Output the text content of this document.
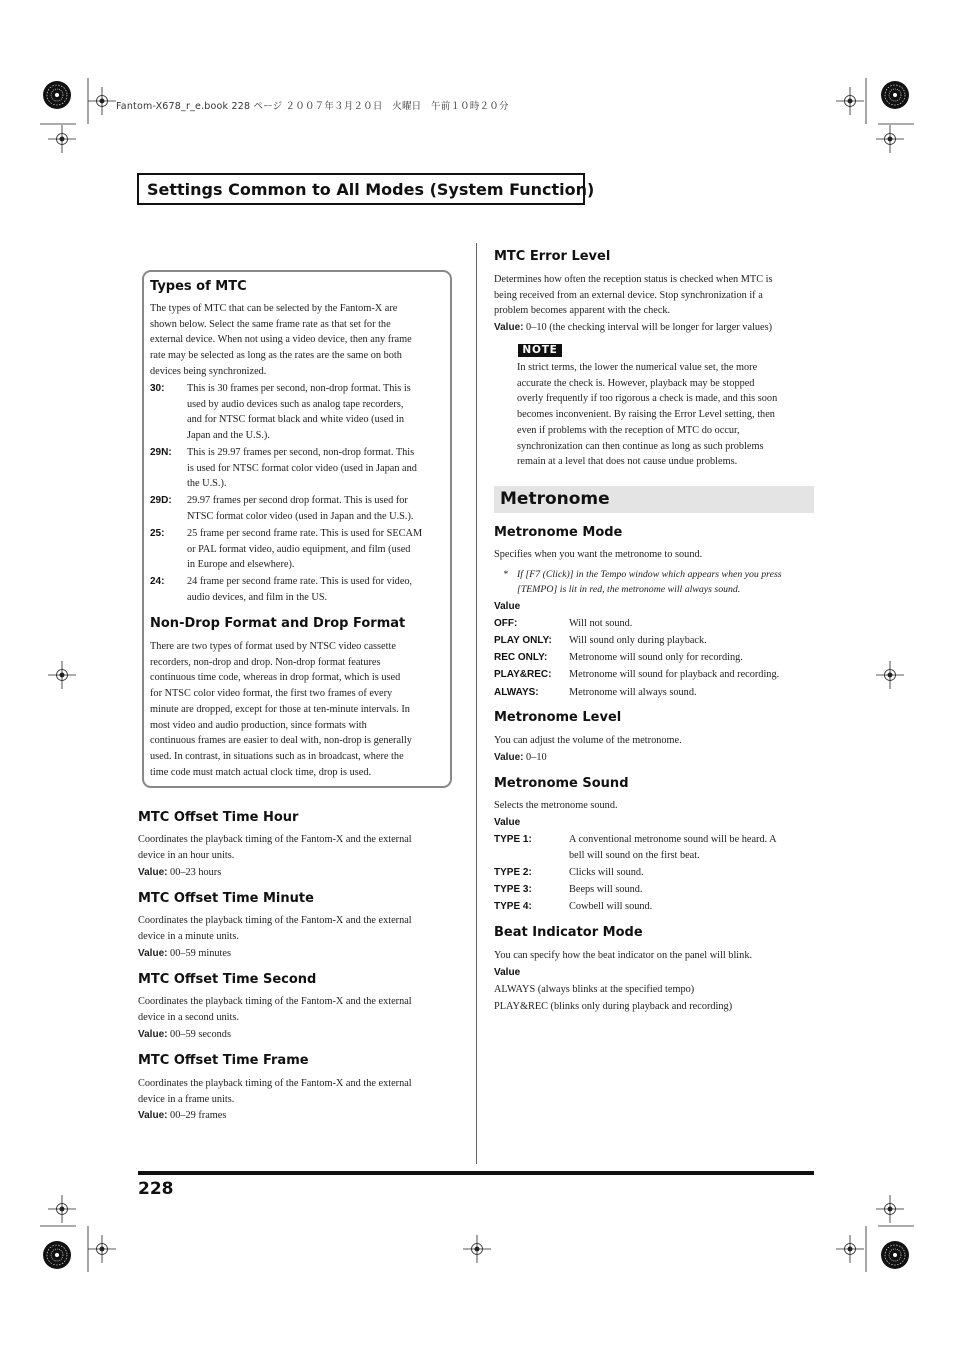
Fantom-X678_r_e.book 228 ページ ２００７年３月２０日　火曜日　午前１０時２０分
Settings Common to All Modes (System Function)
Types of MTC
The types of MTC that can be selected by the Fantom-X are
shown below. Select the same frame rate as that set for the
external device. When not using a video device, then any frame
rate may be selected as long as the rates are the same on both
devices being synchronized.
30: This is 30 frames per second, non-drop format. This is
used by audio devices such as analog tape recorders,
and for NTSC format black and white video (used in
Japan and the U.S.).
29N: This is 29.97 frames per second, non-drop format. This
is used for NTSC format color video (used in Japan and
the U.S.).
29D: 29.97 frames per second drop format. This is used for
NTSC format color video (used in Japan and the U.S.).
25: 25 frame per second frame rate. This is used for SECAM
or PAL format video, audio equipment, and film (used
in Europe and elsewhere).
24: 24 frame per second frame rate. This is used for video,
audio devices, and film in the US.
Non-Drop Format and Drop Format
There are two types of format used by NTSC video cassette
recorders, non-drop and drop. Non-drop format features
continuous time code, whereas in drop format, which is used
for NTSC color video format, the first two frames of every
minute are dropped, except for those at ten-minute intervals. In
most video and audio production, since formats with
continuous frames are easier to deal with, non-drop is generally
used. In contrast, in situations such as in broadcast, where the
time code must match actual clock time, drop is used.
MTC Offset Time Hour
Coordinates the playback timing of the Fantom-X and the external
device in an hour units.
Value: 00–23 hours
MTC Offset Time Minute
Coordinates the playback timing of the Fantom-X and the external
device in a minute units.
Value: 00–59 minutes
MTC Offset Time Second
Coordinates the playback timing of the Fantom-X and the external
device in a second units.
Value: 00–59 seconds
MTC Offset Time Frame
Coordinates the playback timing of the Fantom-X and the external
device in a frame units.
Value: 00–29 frames
MTC Error Level
Determines how often the reception status is checked when MTC is
being received from an external device. Stop synchronization if a
problem becomes apparent with the check.
Value: 0–10 (the checking interval will be longer for larger values)
NOTE
In strict terms, the lower the numerical value set, the more
accurate the check is. However, playback may be stopped
overly frequently if too rigorous a check is made, and this soon
becomes inconvenient. By raising the Error Level setting, then
even if problems with the reception of MTC do occur,
synchronization can then continue as long as such problems
remain at a level that does not cause undue problems.
Metronome
Metronome Mode
Specifies when you want the metronome to sound.
* If [F7 (Click)] in the Tempo window which appears when you press
[TEMPO] is lit in red, the metronome will always sound.
Value
OFF:	Will not sound.
PLAY ONLY: Will sound only during playback.
REC ONLY: Metronome will sound only for recording.
PLAY&REC: Metronome will sound for playback and recording.
ALWAYS:	Metronome will always sound.
Metronome Level
You can adjust the volume of the metronome.
Value: 0–10
Metronome Sound
Selects the metronome sound.
Value
TYPE 1:	A conventional metronome sound will be heard. A
bell will sound on the first beat.
TYPE 2:	Clicks will sound.
TYPE 3:	Beeps will sound.
TYPE 4:	Cowbell will sound.
Beat Indicator Mode
You can specify how the beat indicator on the panel will blink.
Value
ALWAYS (always blinks at the specified tempo)
PLAY&REC (blinks only during playback and recording)
228
